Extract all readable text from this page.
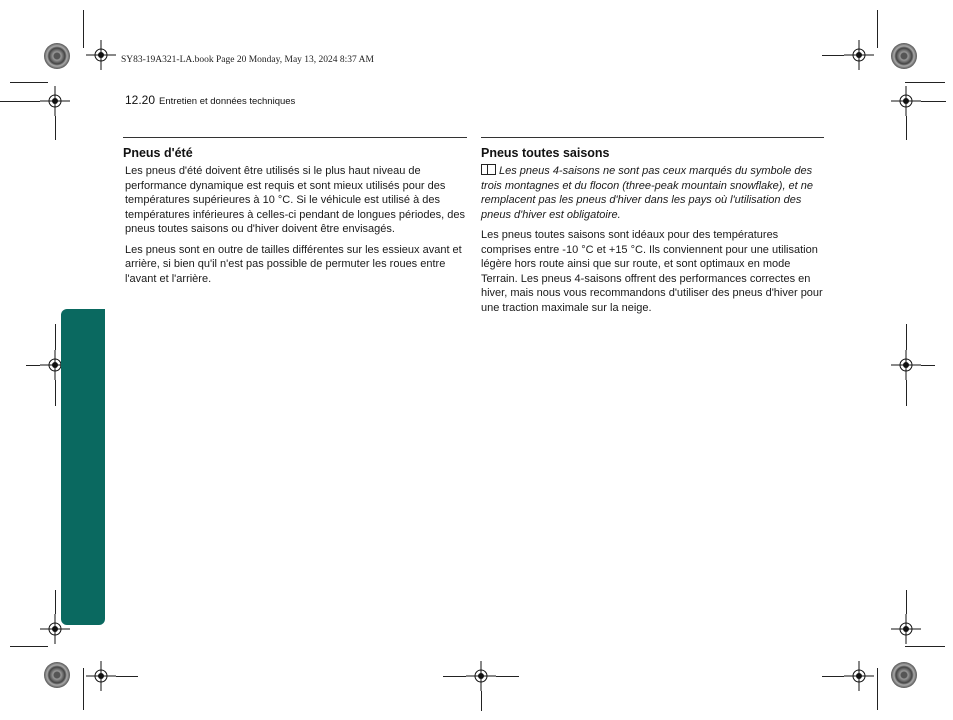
SY83-19A321-LA.book Page 20 Monday, May 13, 2024 8:37 AM
12.20 Entretien et données techniques
Pneus d'été

Les pneus d'été doivent être utilisés si le plus haut niveau de performance dynamique est requis et sont mieux utilisés pour des températures supérieures à 10 °C. Si le véhicule est utilisé à des températures inférieures à celles-ci pendant de longues périodes, des pneus toutes saisons ou d'hiver doivent être envisagés.

Les pneus sont en outre de tailles différentes sur les essieux avant et arrière, si bien qu'il n'est pas possible de permuter les roues entre l'avant et l'arrière.

Pneus toutes saisons

Les pneus 4-saisons ne sont pas ceux marqués du symbole des trois montagnes et du flocon (three-peak mountain snowflake), et ne remplacent pas les pneus d'hiver dans les pays où l'utilisation des pneus d'hiver est obligatoire.

Les pneus toutes saisons sont idéaux pour des températures comprises entre -10 °C et +15 °C. Ils conviennent pour une utilisation légère hors route ainsi que sur route, et sont optimaux en mode Terrain. Les pneus 4-saisons offrent des performances correctes en hiver, mais nous vous recommandons d'utiliser des pneus d'hiver pour une traction maximale sur la neige.
